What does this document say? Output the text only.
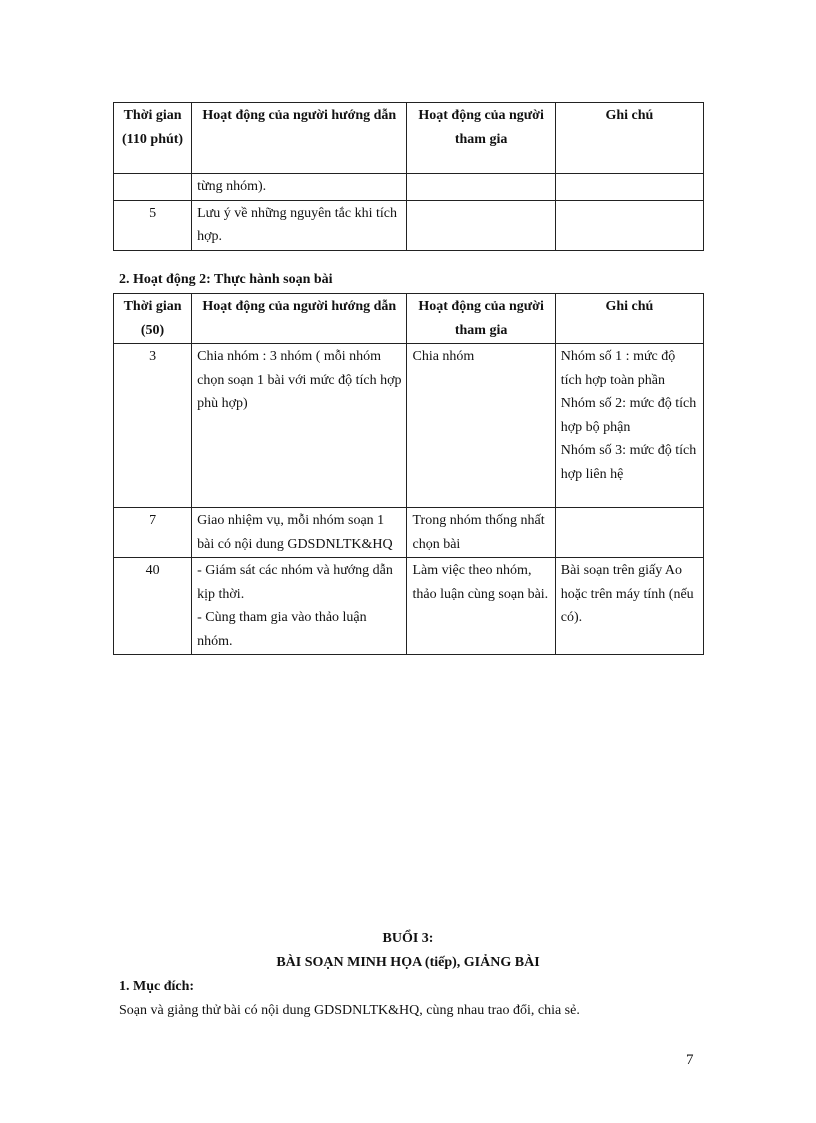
Thời gian (110 phút)	Hoạt động của người hướng dẫn	Hoạt động của người tham gia	Ghi chú
	từng nhóm).		
5	Lưu ý về những nguyên tắc khi tích hợp.		
2. Hoạt động 2: Thực hành soạn bài
Thời gian (50)	Hoạt động của người hướng dẫn	Hoạt động của người tham gia	Ghi chú
3	Chia nhóm : 3 nhóm ( mỗi nhóm chọn soạn 1 bài với mức độ tích hợp phù hợp)	Chia nhóm	Nhóm số 1 : mức độ tích hợp toàn phần
Nhóm số 2: mức độ tích hợp bộ phận
Nhóm số 3: mức độ tích hợp liên hệ
7	Giao nhiệm vụ, mỗi nhóm soạn 1 bài có nội dung GDSDNLTK&HQ	Trong nhóm thống nhất chọn bài	
40	- Giám sát các nhóm và hướng dẫn kịp thời.
- Cùng tham gia vào thảo luận nhóm.	Làm việc theo nhóm, thảo luận cùng soạn bài.	Bài soạn trên giấy Ao hoặc trên máy tính (nếu có).
BUỔI 3:
BÀI SOẠN MINH HỌA (tiếp), GIẢNG BÀI
1. Mục đích:
Soạn và giảng thử bài có nội dung GDSDNLTK&HQ, cùng nhau trao đổi, chia sẻ.
7
